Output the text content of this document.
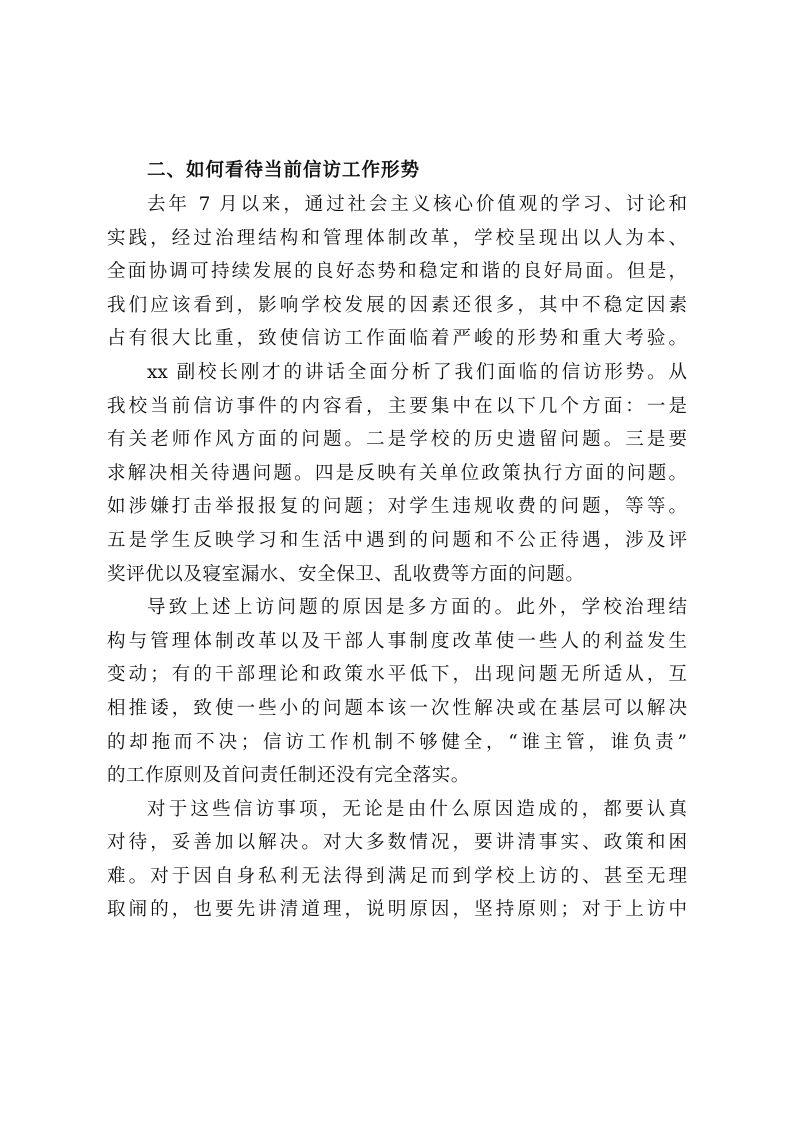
二、如何看待当前信访工作形势

去年 7 月以来，通过社会主义核心价值观的学习、讨论和
实践，经过治理结构和管理体制改革，学校呈现出以人为本、
全面协调可持续发展的良好态势和稳定和谐的良好局面。但是，
我们应该看到，影响学校发展的因素还很多，其中不稳定因素
占有很大比重，致使信访工作面临着严峻的形势和重大考验。

xx 副校长刚才的讲话全面分析了我们面临的信访形势。从
我校当前信访事件的内容看，主要集中在以下几个方面：一是
有关老师作风方面的问题。二是学校的历史遗留问题。三是要
求解决相关待遇问题。四是反映有关单位政策执行方面的问题。
如涉嫌打击举报报复的问题；对学生违规收费的问题，等等。
五是学生反映学习和生活中遇到的问题和不公正待遇，涉及评
奖评优以及寝室漏水、安全保卫、乱收费等方面的问题。

导致上述上访问题的原因是多方面的。此外，学校治理结
构与管理体制改革以及干部人事制度改革使一些人的利益发生
变动；有的干部理论和政策水平低下，出现问题无所适从，互
相推诿，致使一些小的问题本该一次性解决或在基层可以解决
的却拖而不决；信访工作机制不够健全，“谁主管，谁负责”
的工作原则及首问责任制还没有完全落实。

对于这些信访事项，无论是由什么原因造成的，都要认真
对待，妥善加以解决。对大多数情况，要讲清事实、政策和困
难。对于因自身私利无法得到满足而到学校上访的、甚至无理
取闹的，也要先讲清道理，说明原因，坚持原则；对于上访中
